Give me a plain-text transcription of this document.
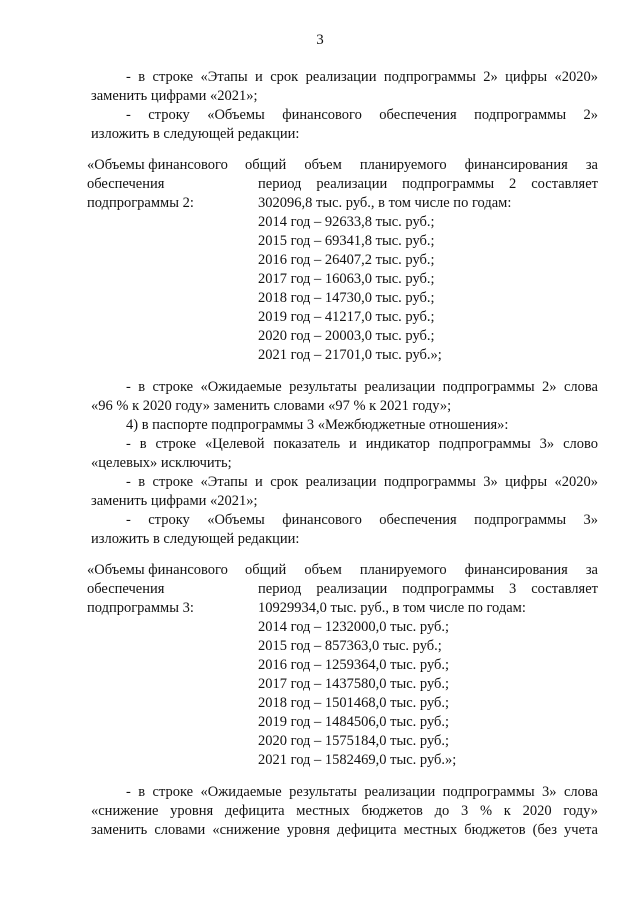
3
- в строке «Этапы и срок реализации подпрограммы 2» цифры «2020»
заменить цифрами «2021»;
- строку «Объемы финансового обеспечения подпрограммы 2»
изложить в следующей редакции:
«Объемы финансового
обеспечения
подпрограммы 2:
общий объем планируемого финансирования за
период реализации подпрограммы 2 составляет
302096,8 тыс. руб., в том числе по годам:
2014 год – 92633,8 тыс. руб.;
2015 год – 69341,8 тыс. руб.;
2016 год – 26407,2 тыс. руб.;
2017 год – 16063,0 тыс. руб.;
2018 год – 14730,0 тыс. руб.;
2019 год – 41217,0 тыс. руб.;
2020 год – 20003,0 тыс. руб.;
2021 год – 21701,0 тыс. руб.»;
- в строке «Ожидаемые результаты реализации подпрограммы 2» слова
«96 % к 2020 году» заменить словами «97 % к 2021 году»;
4) в паспорте подпрограммы 3 «Межбюджетные отношения»:
- в строке «Целевой показатель и индикатор подпрограммы 3» слово
«целевых» исключить;
- в строке «Этапы и срок реализации подпрограммы 3» цифры «2020»
заменить цифрами «2021»;
- строку «Объемы финансового обеспечения подпрограммы 3»
изложить в следующей редакции:
«Объемы финансового
обеспечения
подпрограммы 3:
общий объем планируемого финансирования за
период реализации подпрограммы 3 составляет
10929934,0 тыс. руб., в том числе по годам:
2014 год – 1232000,0 тыс. руб.;
2015 год – 857363,0 тыс. руб.;
2016 год – 1259364,0 тыс. руб.;
2017 год – 1437580,0 тыс. руб.;
2018 год – 1501468,0 тыс. руб.;
2019 год – 1484506,0 тыс. руб.;
2020 год – 1575184,0 тыс. руб.;
2021 год – 1582469,0 тыс. руб.»;
- в строке «Ожидаемые результаты реализации подпрограммы 3» слова
«снижение уровня дефицита местных бюджетов до 3 % к 2020 году»
заменить словами «снижение уровня дефицита местных бюджетов (без учета
